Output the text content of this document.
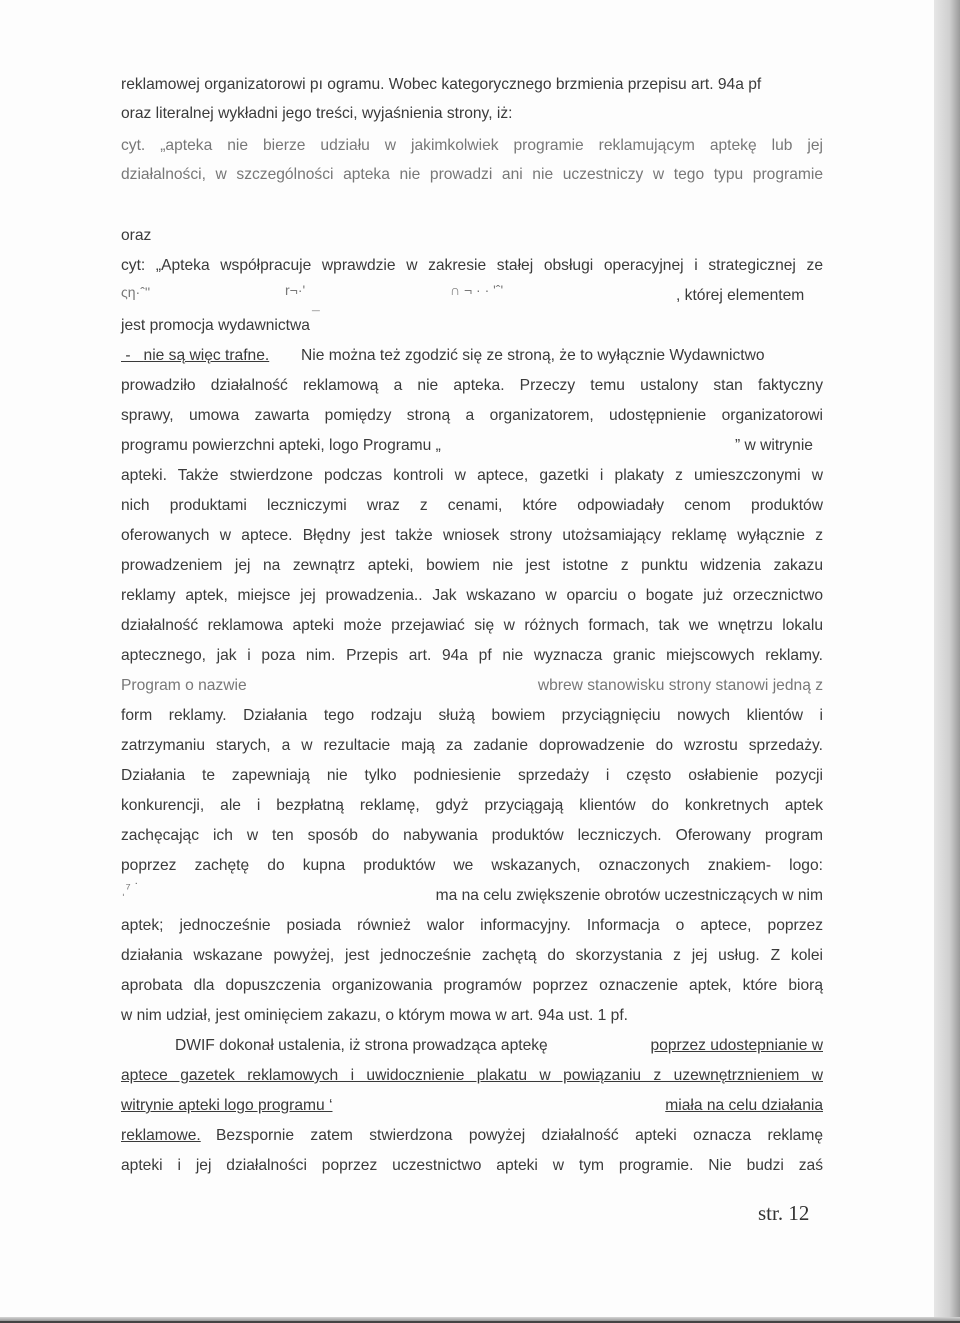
reklamowej organizatorowi pı ogramu. Wobec kategorycznego brzmienia przepisu art. 94a pf
oraz literalnej wykładni jego treści, wyjaśnienia strony, iż:
cyt. „apteka nie bierze udziału w jakimkolwiek programie reklamującym aptekę lub jej
działalności, w szczególności apteka nie prowadzi ani nie uczestniczy w tego typu programie
oraz
cyt: „Apteka współpracuje wprawdzie w zakresie stałej obsługi operacyjnej i strategicznej ze
ςη·ˆ''	r¬·'	∩ ¬ · · 'ˆ'	, której elementem
jest promocja wydawnictwa
¯
-   nie są więc trafne. Nie można też zgodzić się ze stroną, że to wyłącznie Wydawnictwo
prowadziło działalność reklamową a nie apteka. Przeczy temu ustalony stan faktyczny
sprawy, umowa zawarta pomiędzy stroną a organizatorem, udostępnienie organizatorowi
programu powierzchni apteki, logo Programu „	” w witrynie
apteki. Także stwierdzone podczas kontroli w aptece, gazetki i plakaty z umieszczonymi w
nich produktami leczniczymi wraz z cenami, które odpowiadały cenom produktów
oferowanych w aptece. Błędny jest także wniosek strony utożsamiający reklamę wyłącznie z
prowadzeniem jej na zewnątrz apteki, bowiem nie jest istotne z punktu widzenia zakazu
reklamy aptek, miejsce jej prowadzenia.. Jak wskazano w oparciu o bogate już orzecznictwo
działalność reklamowa apteki może przejawiać się w różnych formach, tak we wnętrzu lokalu
aptecznego, jak i poza nim. Przepis art. 94a pf nie wyznacza granic miejscowych reklamy.
Program o nazwie	wbrew stanowisku strony stanowi jedną z
form reklamy. Działania tego rodzaju służą bowiem przyciągnięciu nowych klientów i
zatrzymaniu starych, a w rezultacie mają za zadanie doprowadzenie do wzrostu sprzedaży.
Działania te zapewniają nie tylko podniesienie sprzedaży i często osłabienie pozycji
konkurencji, ale i bezpłatną reklamę, gdyż przyciągają klientów do konkretnych aptek
zachęcając ich w ten sposób do nabywania produktów leczniczych. Oferowany program
poprzez zachętę do kupna produktów we wskazanych, oznaczonych znakiem- logo:
ˌ⁷ ˙	ma na celu zwiększenie obrotów uczestniczących w nim
aptek; jednocześnie posiada również walor informacyjny. Informacja o aptece, poprzez
działania wskazane powyżej, jest jednocześnie zachętą do skorzystania z jej usług. Z kolei
aprobata dla dopuszczenia organizowania programów poprzez oznaczenie aptek, które biorą
w nim udział, jest ominięciem zakazu, o którym mowa w art. 94a ust. 1 pf.
DWIF dokonał ustalenia, iż strona prowadząca aptekę	poprzez udostepnianie w
aptece gazetek reklamowych i uwidocznienie plakatu w powiązaniu z uzewnętrznieniem w
witrynie apteki logo programu ‘	miała na celu działania
reklamowe. Bezspornie zatem stwierdzona powyżej działalność apteki oznacza reklamę
apteki i jej działalności poprzez uczestnictwo apteki w tym programie. Nie budzi zaś
str. 12
